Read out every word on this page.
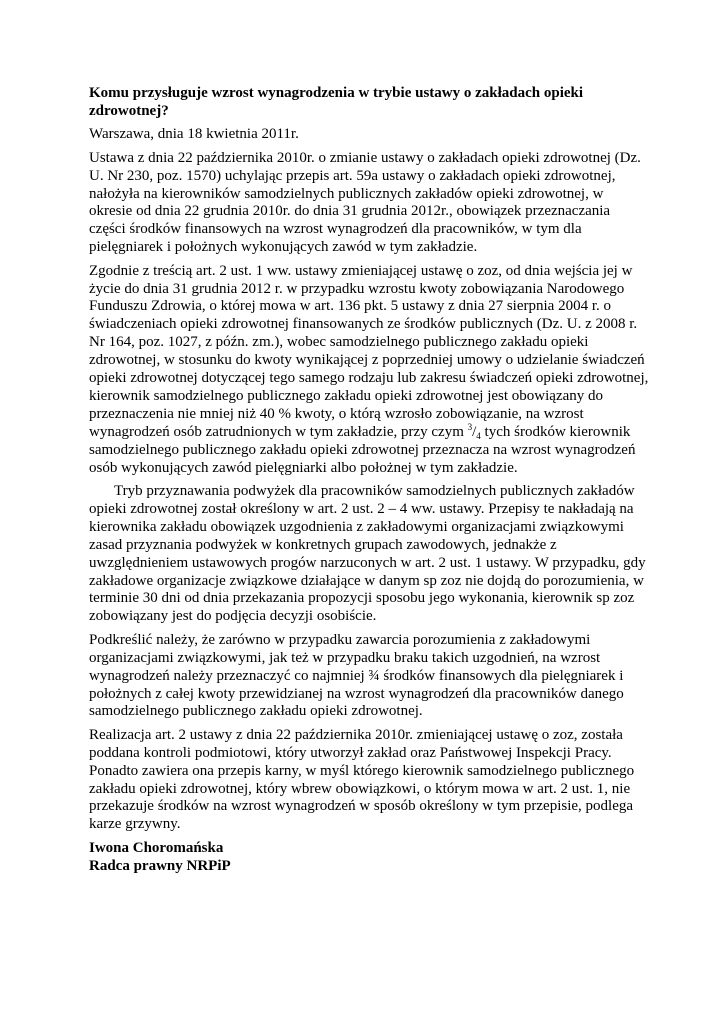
Komu przysługuje wzrost wynagrodzenia w trybie ustawy o zakładach opieki zdrowotnej?

Warszawa, dnia 18 kwietnia 2011r.

Ustawa z dnia 22 października 2010r. o zmianie ustawy o zakładach opieki zdrowotnej (Dz. U. Nr 230, poz. 1570) uchylając przepis art. 59a ustawy o zakładach opieki zdrowotnej, nałożyła na kierowników samodzielnych publicznych zakładów opieki zdrowotnej, w okresie od dnia 22 grudnia 2010r. do dnia 31 grudnia 2012r., obowiązek przeznaczania części środków finansowych na wzrost wynagrodzeń dla pracowników, w tym dla pielęgniarek i położnych wykonujących zawód w tym zakładzie.

Zgodnie z treścią art. 2 ust. 1 ww. ustawy zmieniającej ustawę o zoz, od dnia wejścia jej w życie do dnia 31 grudnia 2012 r. w przypadku wzrostu kwoty zobowiązania Narodowego Funduszu Zdrowia, o której mowa w art. 136 pkt. 5 ustawy z dnia 27 sierpnia 2004 r. o świadczeniach opieki zdrowotnej finansowanych ze środków publicznych (Dz. U. z 2008 r. Nr 164, poz. 1027, z późn. zm.), wobec samodzielnego publicznego zakładu opieki zdrowotnej, w stosunku do kwoty wynikającej z poprzedniej umowy o udzielanie świadczeń opieki zdrowotnej dotyczącej tego samego rodzaju lub zakresu świadczeń opieki zdrowotnej, kierownik samodzielnego publicznego zakładu opieki zdrowotnej jest obowiązany do przeznaczenia nie mniej niż 40 % kwoty, o którą wzrosło zobowiązanie, na wzrost wynagrodzeń osób zatrudnionych w tym zakładzie, przy czym $^3/_4$ tych środków kierownik samodzielnego publicznego zakładu opieki zdrowotnej przeznacza na wzrost wynagrodzeń osób wykonujących zawód pielęgniarki albo położnej w tym zakładzie.

Tryb przyznawania podwyżek dla pracowników samodzielnych publicznych zakładów opieki zdrowotnej został określony w art. 2 ust. 2 – 4 ww. ustawy. Przepisy te nakładają na kierownika zakładu obowiązek uzgodnienia z zakładowymi organizacjami związkowymi zasad przyznania podwyżek w konkretnych grupach zawodowych, jednakże z uwzględnieniem ustawowych progów narzuconych w art. 2 ust. 1 ustawy. W przypadku, gdy zakładowe organizacje związkowe działające w danym sp zoz nie dojdą do porozumienia, w terminie 30 dni od dnia przekazania propozycji sposobu jego wykonania, kierownik sp zoz zobowiązany jest do podjęcia decyzji osobiście.

Podkreślić należy, że zarówno w przypadku zawarcia porozumienia z zakładowymi organizacjami związkowymi, jak też w przypadku braku takich uzgodnień, na wzrost wynagrodzeń należy przeznaczyć co najmniej ¾ środków finansowych dla pielęgniarek i położnych z całej kwoty przewidzianej na wzrost wynagrodzeń dla pracowników danego samodzielnego publicznego zakładu opieki zdrowotnej.

Realizacja art. 2 ustawy z dnia 22 października 2010r. zmieniającej ustawę o zoz, została poddana kontroli podmiotowi, który utworzył zakład oraz Państwowej Inspekcji Pracy. Ponadto zawiera ona przepis karny, w myśl którego kierownik samodzielnego publicznego zakładu opieki zdrowotnej, który wbrew obowiązkowi, o którym mowa w art. 2 ust. 1, nie przekazuje środków na wzrost wynagrodzeń w sposób określony w tym przepisie, podlega karze grzywny.

Iwona Choromańska

Radca prawny NRPiP
